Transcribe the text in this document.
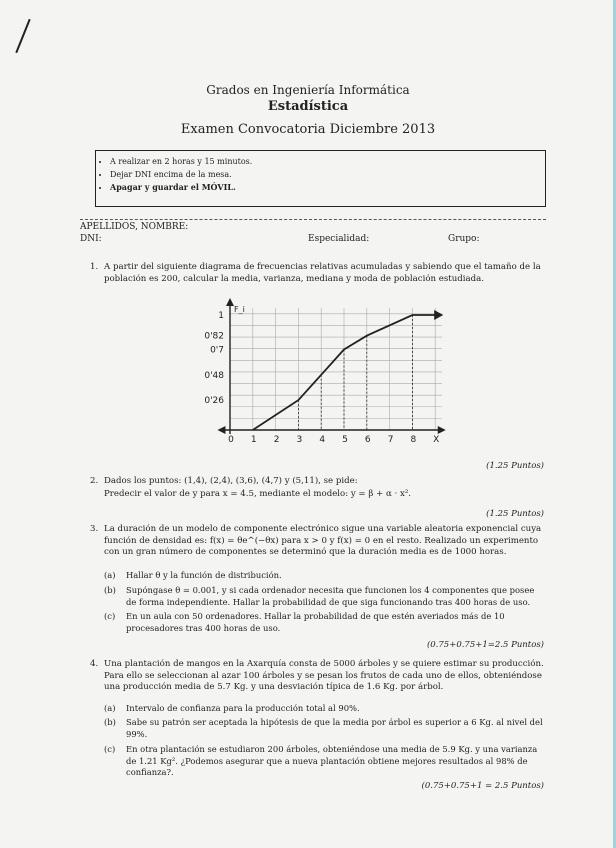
Grados en Ingeniería Informática
Estadística
Examen Convocatoria Diciembre 2013
• A realizar en 2 horas y 15 minutos.
• Dejar DNI encima de la mesa.
• Apagar y guardar el MÓVIL.
APELLIDOS, NOMBRE:
DNI:	Especialidad:	Grupo:
1. A partir del siguiente diagrama de frecuencias relativas acumuladas y sabiendo que el tamaño de la población es 200, calcular la media, varianza, mediana y moda de población estudiada.
0 1 2 3 4 5 6 7 8 X
1
0'82
0'7
0'48
0'26
F_i
(1.25 Puntos)
2. Dados los puntos: (1,4), (2,4), (3,6), (4,7) y (5,11), se pide:
Predecir el valor de y para x = 4.5, mediante el modelo: y = β + α · x².
(1.25 Puntos)
3. La duración de un modelo de componente electrónico sigue una variable aleatoria exponencial cuya función de densidad es: f(x) = θe^(−θx) para x > 0 y f(x) = 0 en el resto. Realizado un experimento con un gran número de componentes se determinó que la duración media es de 1000 horas.
(a) Hallar θ y la función de distribución.
(b) Supóngase θ = 0.001, y si cada ordenador necesita que funcionen los 4 componentes que posee de forma independiente. Hallar la probabilidad de que siga funcionando tras 400 horas de uso.
(c) En un aula con 50 ordenadores. Hallar la probabilidad de que estén averiados más de 10 procesadores tras 400 horas de uso.
(0.75+0.75+1=2.5 Puntos)
4. Una plantación de mangos en la Axarquía consta de 5000 árboles y se quiere estimar su producción. Para ello se seleccionan al azar 100 árboles y se pesan los frutos de cada uno de ellos, obteniéndose una producción media de 5.7 Kg. y una desviación típica de 1.6 Kg. por árbol.
(a) Intervalo de confianza para la producción total al 90%.
(b) Sabe su patrón ser aceptada la hipótesis de que la media por árbol es superior a 6 Kg. al nivel del 99%.
(c) En otra plantación se estudiaron 200 árboles, obteniéndose una media de 5.9 Kg. y una varianza de 1.21 Kg². ¿Podemos asegurar que a nueva plantación obtiene mejores resultados al 98% de confianza?.
(0.75+0.75+1 = 2.5 Puntos)
